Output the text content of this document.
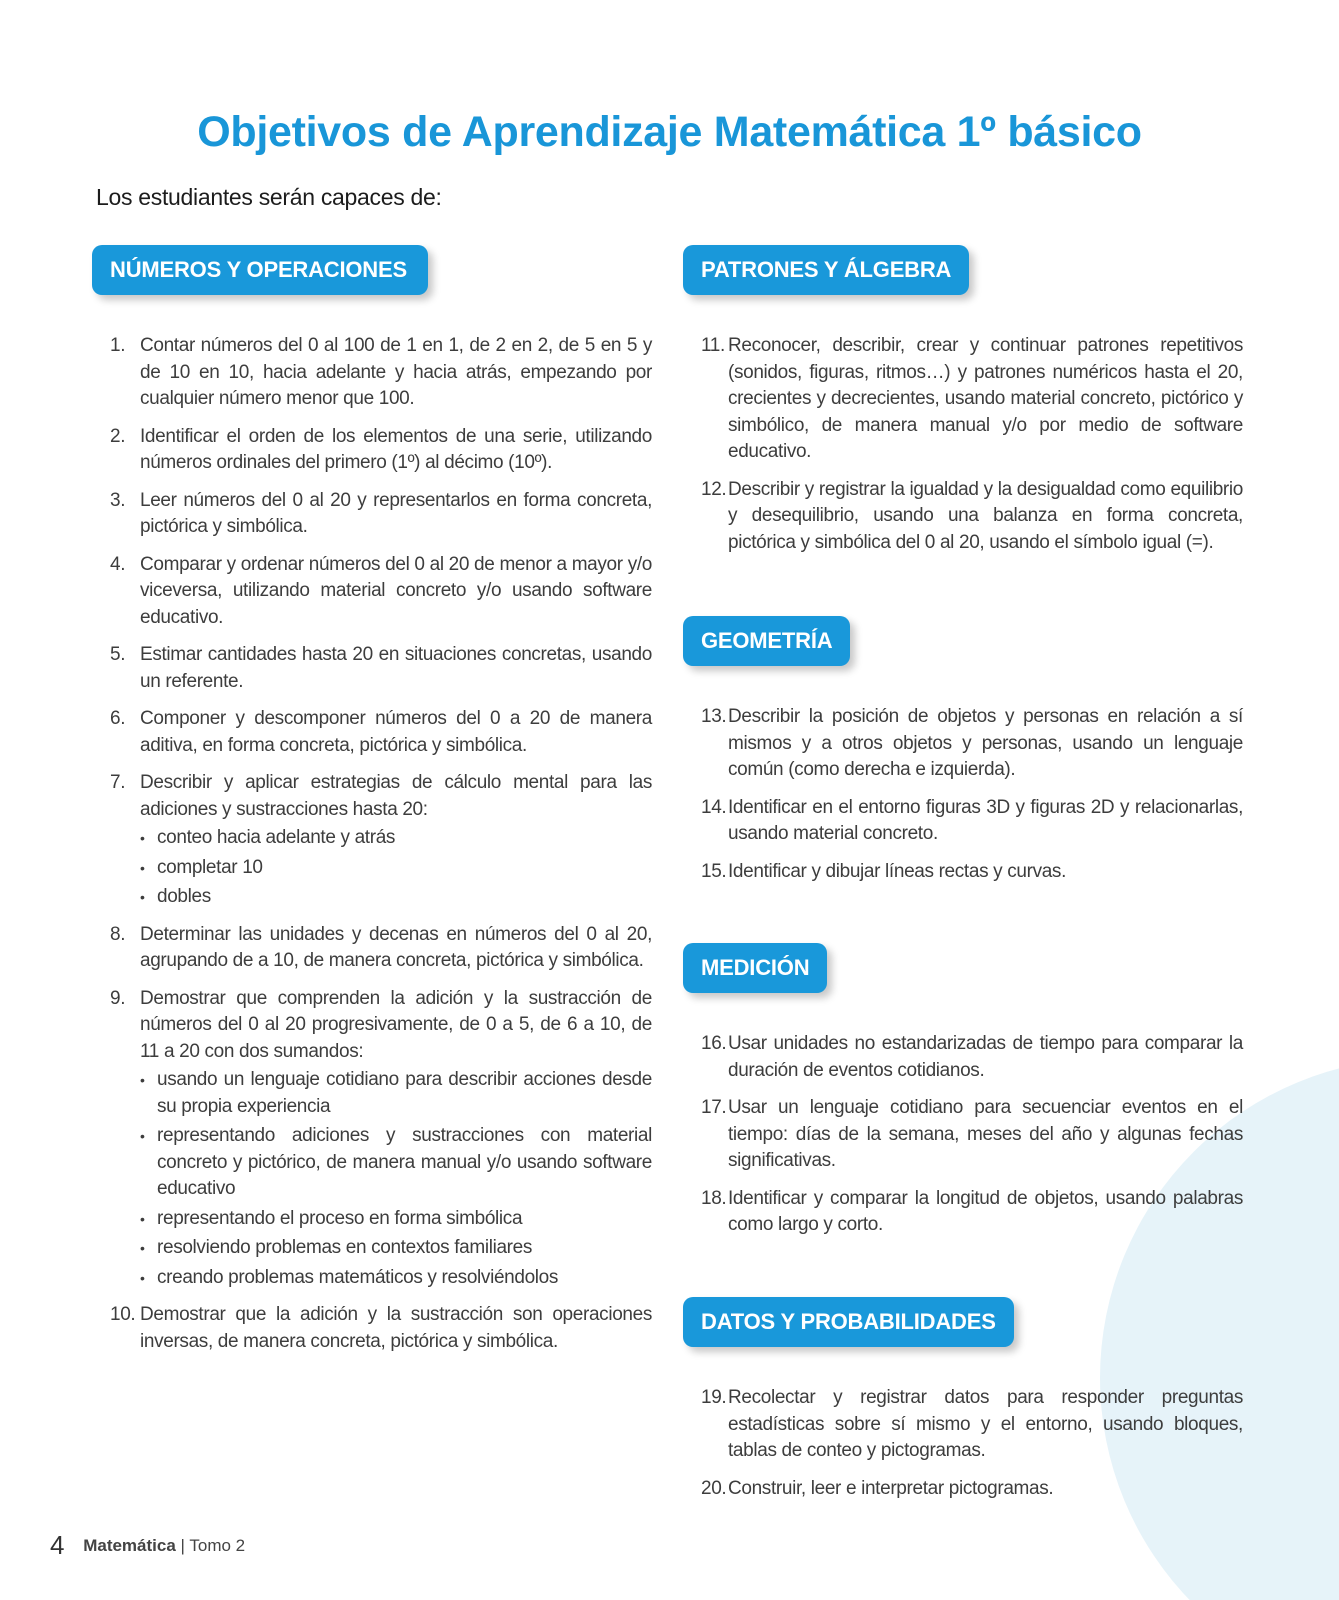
Objetivos de Aprendizaje Matemática 1º básico

Los estudiantes serán capaces de:

NÚMEROS Y OPERACIONES
1. Contar números del 0 al 100 de 1 en 1, de 2 en 2, de 5 en 5 y de 10 en 10, hacia adelante y hacia atrás, empezando por cualquier número menor que 100.
2. Identificar el orden de los elementos de una serie, utilizando números ordinales del primero (1º) al décimo (10º).
3. Leer números del 0 al 20 y representarlos en forma concreta, pictórica y simbólica.
4. Comparar y ordenar números del 0 al 20 de menor a mayor y/o viceversa, utilizando material concreto y/o usando software educativo.
5. Estimar cantidades hasta 20 en situaciones concretas, usando un referente.
6. Componer y descomponer números del 0 a 20 de manera aditiva, en forma concreta, pictórica y simbólica.
7. Describir y aplicar estrategias de cálculo mental para las adiciones y sustracciones hasta 20:
• conteo hacia adelante y atrás
• completar 10
• dobles
8. Determinar las unidades y decenas en números del 0 al 20, agrupando de a 10, de manera concreta, pictórica y simbólica.
9. Demostrar que comprenden la adición y la sustracción de números del 0 al 20 progresivamente, de 0 a 5, de 6 a 10, de 11 a 20 con dos sumandos:
• usando un lenguaje cotidiano para describir acciones desde su propia experiencia
• representando adiciones y sustracciones con material concreto y pictórico, de manera manual y/o usando software educativo
• representando el proceso en forma simbólica
• resolviendo problemas en contextos familiares
• creando problemas matemáticos y resolviéndolos
10. Demostrar que la adición y la sustracción son operaciones inversas, de manera concreta, pictórica y simbólica.
PATRONES Y ÁLGEBRA
11. Reconocer, describir, crear y continuar patrones repetitivos (sonidos, figuras, ritmos…) y patrones numéricos hasta el 20, crecientes y decrecientes, usando material concreto, pictórico y simbólico, de manera manual y/o por medio de software educativo.
12. Describir y registrar la igualdad y la desigualdad como equilibrio y desequilibrio, usando una balanza en forma concreta, pictórica y simbólica del 0 al 20, usando el símbolo igual (=).
GEOMETRÍA
13. Describir la posición de objetos y personas en relación a sí mismos y a otros objetos y personas, usando un lenguaje común (como derecha e izquierda).
14. Identificar en el entorno figuras 3D y figuras 2D y relacionarlas, usando material concreto.
15. Identificar y dibujar líneas rectas y curvas.
MEDICIÓN
16. Usar unidades no estandarizadas de tiempo para comparar la duración de eventos cotidianos.
17. Usar un lenguaje cotidiano para secuenciar eventos en el tiempo: días de la semana, meses del año y algunas fechas significativas.
18. Identificar y comparar la longitud de objetos, usando palabras como largo y corto.
DATOS Y PROBABILIDADES
19. Recolectar y registrar datos para responder preguntas estadísticas sobre sí mismo y el entorno, usando bloques, tablas de conteo y pictogramas.
20. Construir, leer e interpretar pictogramas.
4 Matemática | Tomo 2
